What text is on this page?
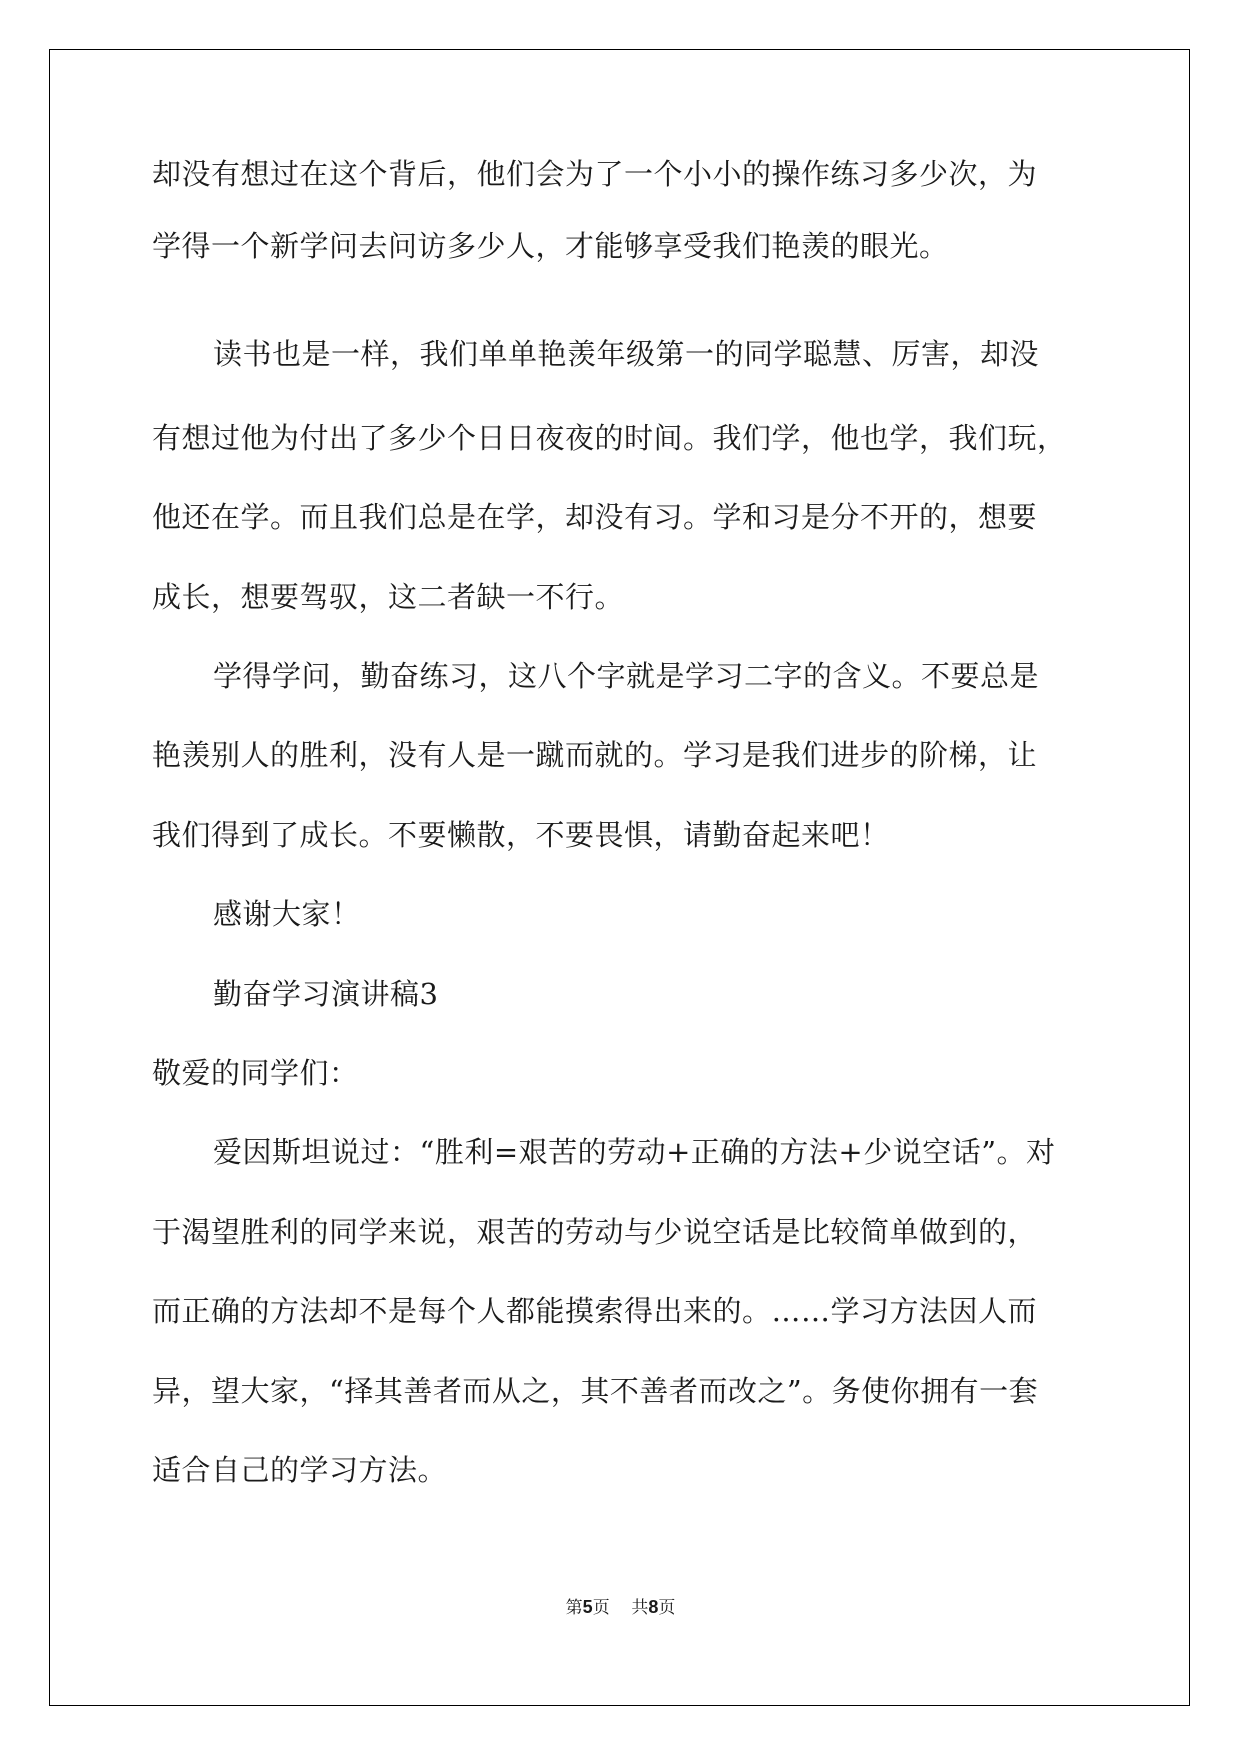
却没有想过在这个背后，他们会为了一个小小的操作练习多少次，为
学得一个新学问去问访多少人，才能够享受我们艳羡的眼光。
读书也是一样，我们单单艳羡年级第一的同学聪慧、厉害，却没
有想过他为付出了多少个日日夜夜的时间。我们学，他也学，我们玩，
他还在学。而且我们总是在学，却没有习。学和习是分不开的，想要
成长，想要驾驭，这二者缺一不行。
学得学问，勤奋练习，这八个字就是学习二字的含义。不要总是
艳羡别人的胜利，没有人是一蹴而就的。学习是我们进步的阶梯，让
我们得到了成长。不要懒散，不要畏惧，请勤奋起来吧！
感谢大家！
勤奋学习演讲稿3
敬爱的同学们：
爱因斯坦说过：“胜利=艰苦的劳动+正确的方法+少说空话”。对
于渴望胜利的同学来说，艰苦的劳动与少说空话是比较简单做到的，
而正确的方法却不是每个人都能摸索得出来的。……学习方法因人而
异，望大家，“择其善者而从之，其不善者而改之”。务使你拥有一套
适合自己的学习方法。
第5页 共8页
